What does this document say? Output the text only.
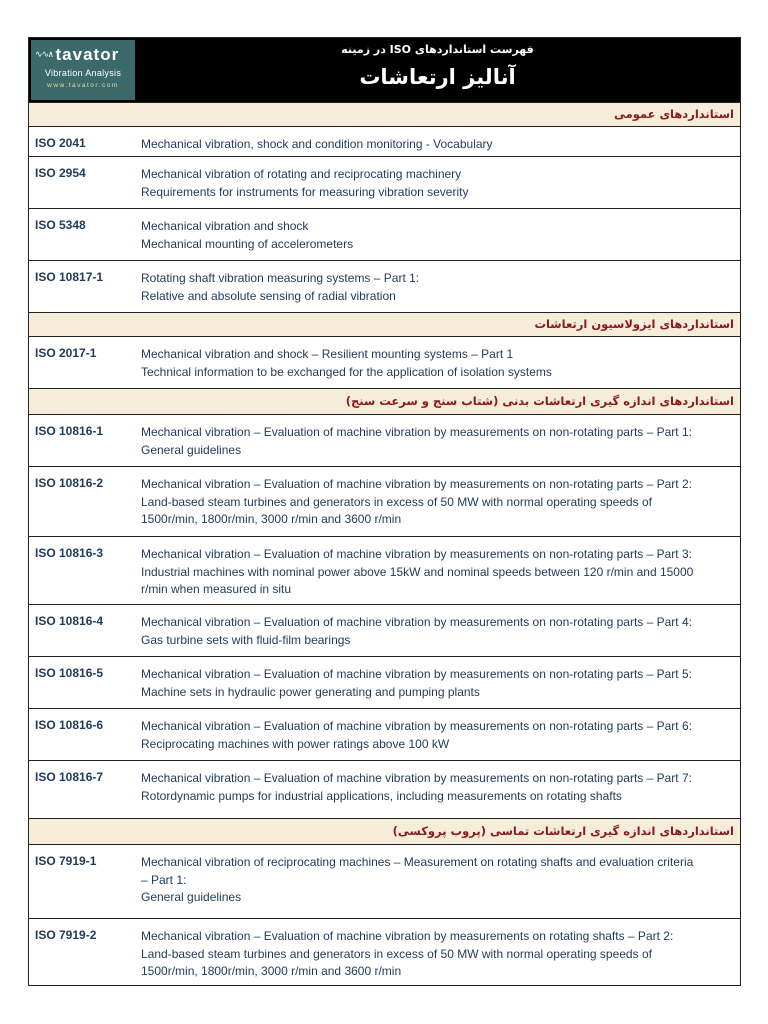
∿∿∧ tavator
Vibration Analysis
www.tavator.com
فهرست استانداردهای ISO در زمینه
آنالیز ارتعاشات
استانداردهای عمومی
ISO 2041	Mechanical vibration, shock and condition monitoring - Vocabulary
ISO 2954	Mechanical vibration of rotating and reciprocating machinery
Requirements for instruments for measuring vibration severity
ISO 5348	Mechanical vibration and shock
Mechanical mounting of accelerometers
ISO 10817-1	Rotating shaft vibration measuring systems – Part 1:
Relative and absolute sensing of radial vibration
استانداردهای ایزولاسیون ارتعاشات
ISO 2017-1	Mechanical vibration and shock – Resilient mounting systems – Part 1
Technical information to be exchanged for the application of isolation systems
استانداردهای اندازه گیری ارتعاشات بدنی (شتاب سنج و سرعت سنج)
ISO 10816-1	Mechanical vibration – Evaluation of machine vibration by measurements on non-rotating parts – Part 1:
General guidelines
ISO 10816-2	Mechanical vibration – Evaluation of machine vibration by measurements on non-rotating parts – Part 2:
Land-based steam turbines and generators in excess of 50 MW with normal operating speeds of
1500r/min, 1800r/min, 3000 r/min and 3600 r/min
ISO 10816-3	Mechanical vibration – Evaluation of machine vibration by measurements on non-rotating parts – Part 3:
Industrial machines with nominal power above 15kW and nominal speeds between 120 r/min and 15000
r/min when measured in situ
ISO 10816-4	Mechanical vibration – Evaluation of machine vibration by measurements on non-rotating parts – Part 4:
Gas turbine sets with fluid-film bearings
ISO 10816-5	Mechanical vibration – Evaluation of machine vibration by measurements on non-rotating parts – Part 5:
Machine sets in hydraulic power generating and pumping plants
ISO 10816-6	Mechanical vibration – Evaluation of machine vibration by measurements on non-rotating parts – Part 6:
Reciprocating machines with power ratings above 100 kW
ISO 10816-7	Mechanical vibration – Evaluation of machine vibration by measurements on non-rotating parts – Part 7:
Rotordynamic pumps for industrial applications, including measurements on rotating shafts
استانداردهای اندازه گیری ارتعاشات تماسی (پروب پروکسی)
ISO 7919-1	Mechanical vibration of reciprocating machines – Measurement on rotating shafts and evaluation criteria
– Part 1:
General guidelines
ISO 7919-2	Mechanical vibration – Evaluation of machine vibration by measurements on rotating shafts – Part 2:
Land-based steam turbines and generators in excess of 50 MW with normal operating speeds of
1500r/min, 1800r/min, 3000 r/min and 3600 r/min
